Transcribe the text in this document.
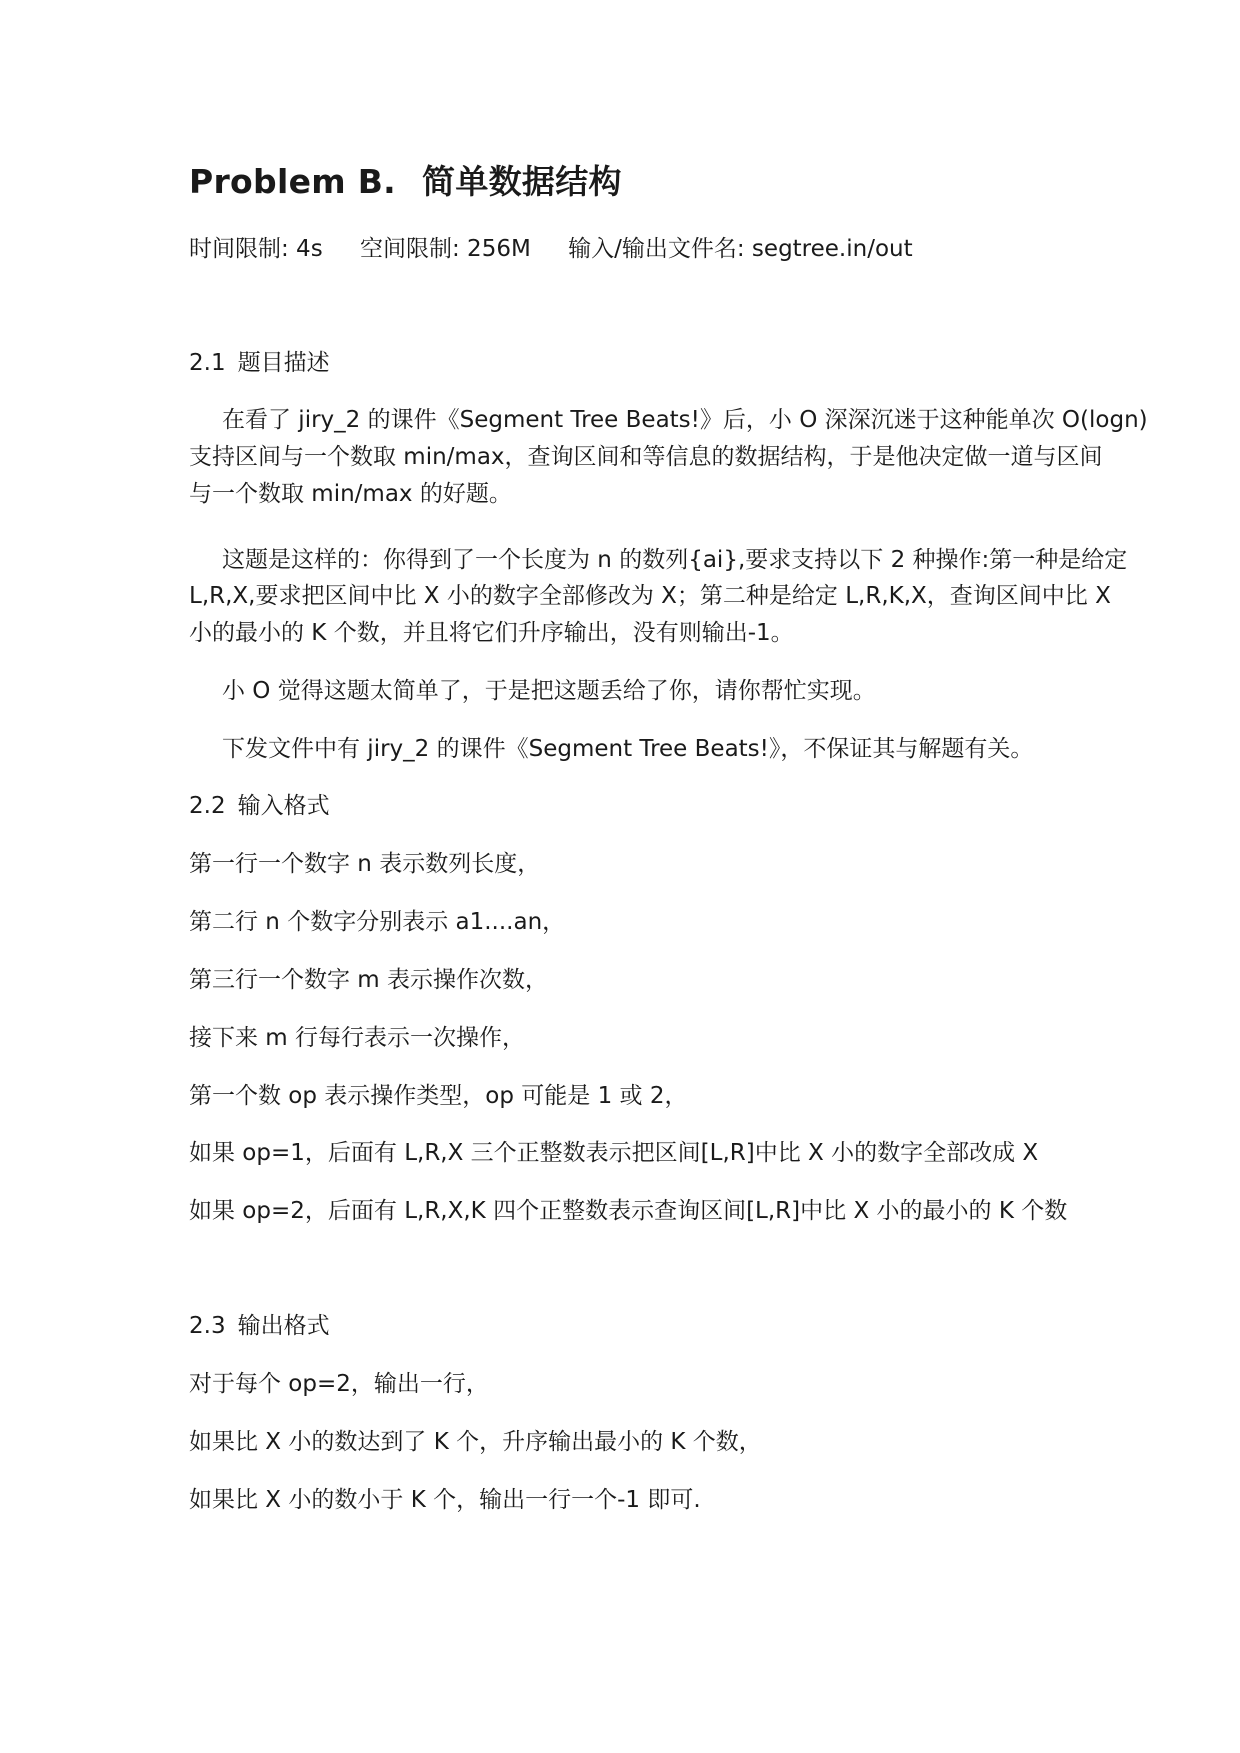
Problem B. 简单数据结构
时间限制: 4s 空间限制: 256M 输入/输出文件名: segtree.in/out
2.1 题目描述
在看了 jiry_2 的课件《Segment Tree Beats!》后，小 O 深深沉迷于这种能单次 O(logn)
支持区间与一个数取 min/max，查询区间和等信息的数据结构，于是他决定做一道与区间
与一个数取 min/max 的好题。
这题是这样的：你得到了一个长度为 n 的数列{ai},要求支持以下 2 种操作:第一种是给定
L,R,X,要求把区间中比 X 小的数字全部修改为 X；第二种是给定 L,R,K,X，查询区间中比 X
小的最小的 K 个数，并且将它们升序输出，没有则输出-1。
小 O 觉得这题太简单了，于是把这题丢给了你，请你帮忙实现。
下发文件中有 jiry_2 的课件《Segment Tree Beats!》，不保证其与解题有关。
2.2 输入格式
第一行一个数字 n 表示数列长度，
第二行 n 个数字分别表示 a1....an，
第三行一个数字 m 表示操作次数，
接下来 m 行每行表示一次操作，
第一个数 op 表示操作类型，op 可能是 1 或 2，
如果 op=1，后面有 L,R,X 三个正整数表示把区间[L,R]中比 X 小的数字全部改成 X
如果 op=2，后面有 L,R,X,K 四个正整数表示查询区间[L,R]中比 X 小的最小的 K 个数
2.3 输出格式
对于每个 op=2，输出一行，
如果比 X 小的数达到了 K 个，升序输出最小的 K 个数，
如果比 X 小的数小于 K 个，输出一行一个-1 即可.
